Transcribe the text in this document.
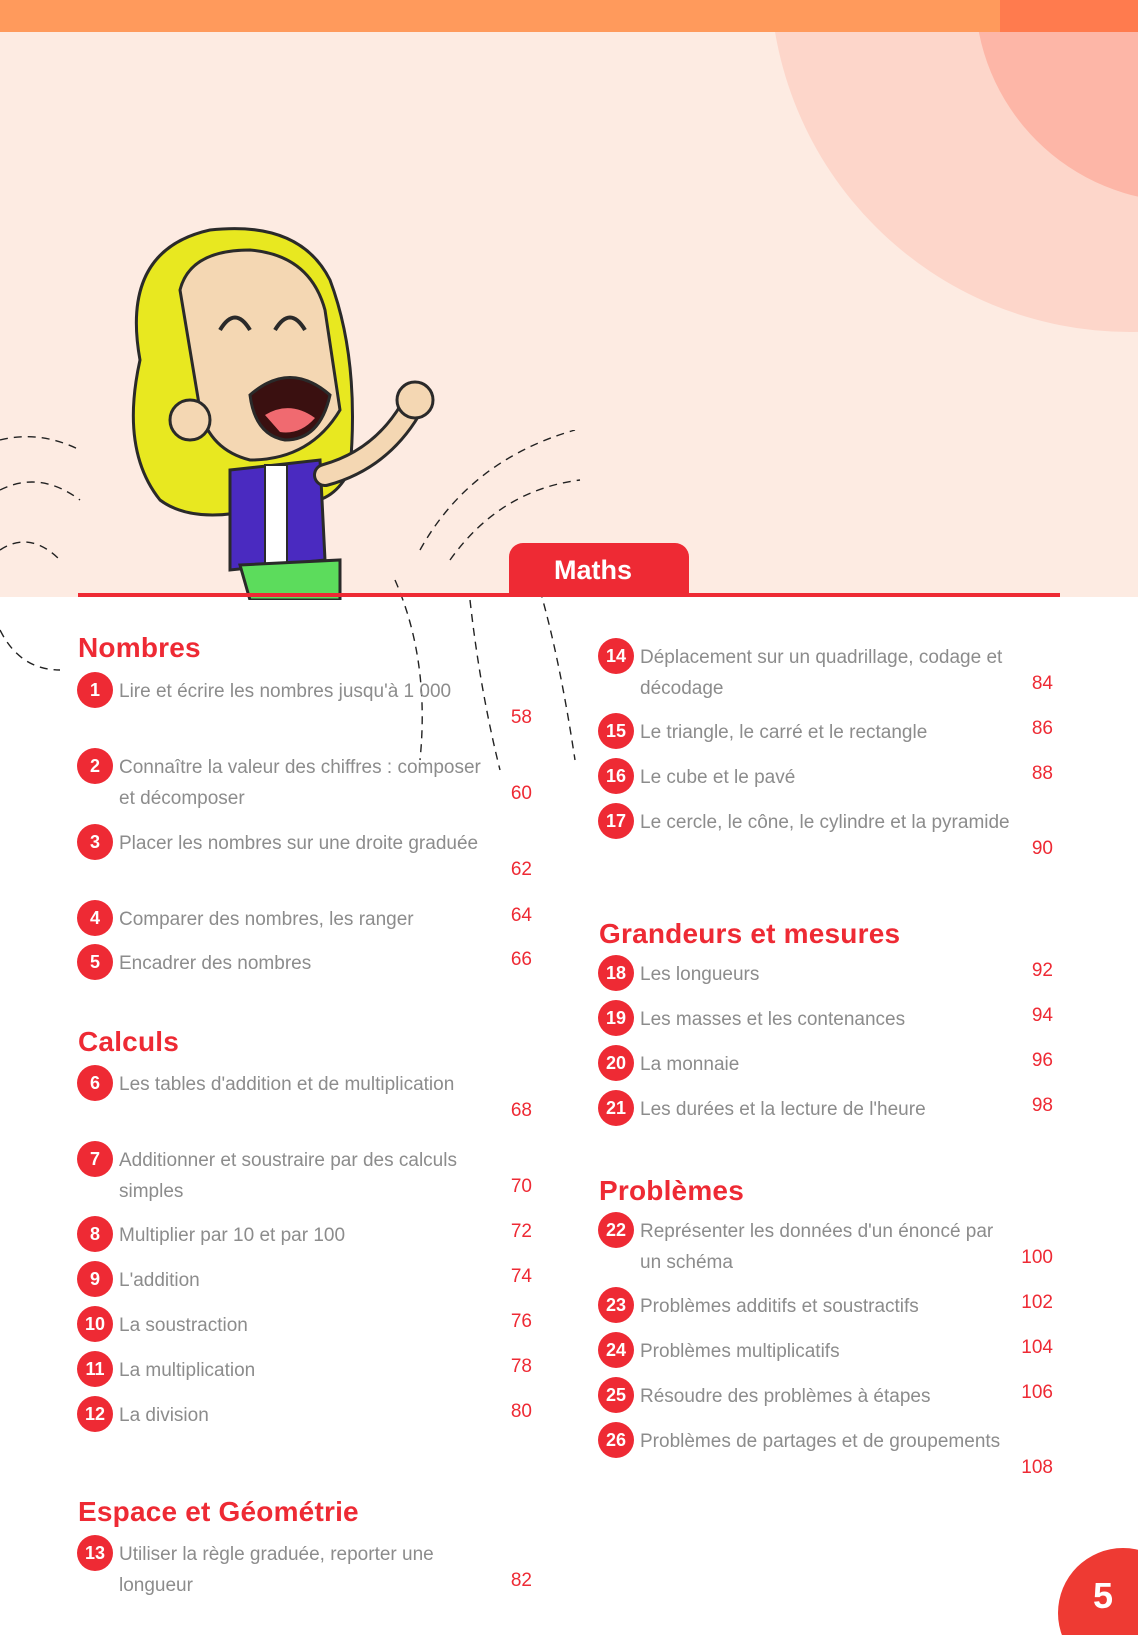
Maths
Nombres
1	Lire et écrire les nombres jusqu'à 1 000
58
2	Connaître la valeur des chiffres : composer et décomposer	60
3	Placer les nombres sur une droite graduée
62
4	Comparer des nombres, les ranger	64
5	Encadrer des nombres	66
Calculs
6	Les tables d'addition et de multiplication
68
7	Additionner et soustraire par des calculs simples	70
8	Multiplier par 10 et par 100	72
9	L'addition	74
10 La soustraction	76
11 La multiplication	78
12 La division	80
Espace et Géométrie
13 Utiliser la règle graduée, reporter une longueur	82
14 Déplacement sur un quadrillage, codage et décodage	84
15 Le triangle, le carré et le rectangle	86
16 Le cube et le pavé	88
17 Le cercle, le cône, le cylindre et la pyramide
90
Grandeurs et mesures
18 Les longueurs	92
19 Les masses et les contenances	94
20 La monnaie	96
21 Les durées et la lecture de l'heure	98
Problèmes
22 Représenter les données d'un énoncé par un schéma	100
23 Problèmes additifs et soustractifs	102
24 Problèmes multiplicatifs	104
25 Résoudre des problèmes à étapes	106
26 Problèmes de partages et de groupements
108
5
